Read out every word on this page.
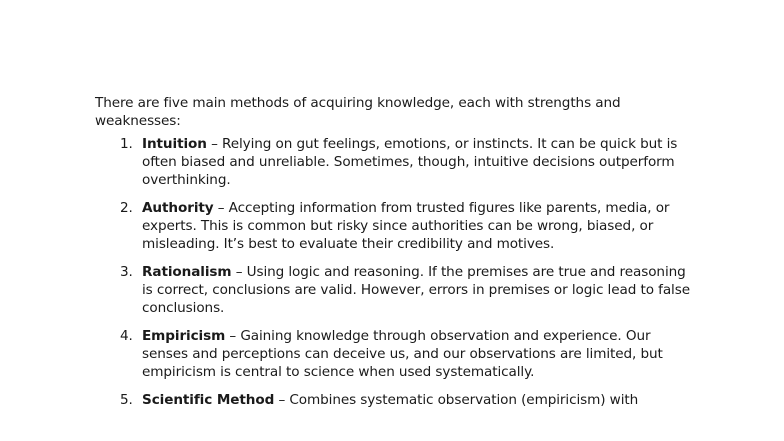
There are five main methods of acquiring knowledge, each with strengths and weaknesses:

1. Intuition – Relying on gut feelings, emotions, or instincts. It can be quick but is often biased and unreliable. Sometimes, though, intuitive decisions outperform overthinking.
2. Authority – Accepting information from trusted figures like parents, media, or experts. This is common but risky since authorities can be wrong, biased, or misleading. It’s best to evaluate their credibility and motives.
3. Rationalism – Using logic and reasoning. If the premises are true and reasoning is correct, conclusions are valid. However, errors in premises or logic lead to false conclusions.
4. Empiricism – Gaining knowledge through observation and experience. Our senses and perceptions can deceive us, and our observations are limited, but empiricism is central to science when used systematically.
5. Scientific Method – Combines systematic observation (empiricism) with
